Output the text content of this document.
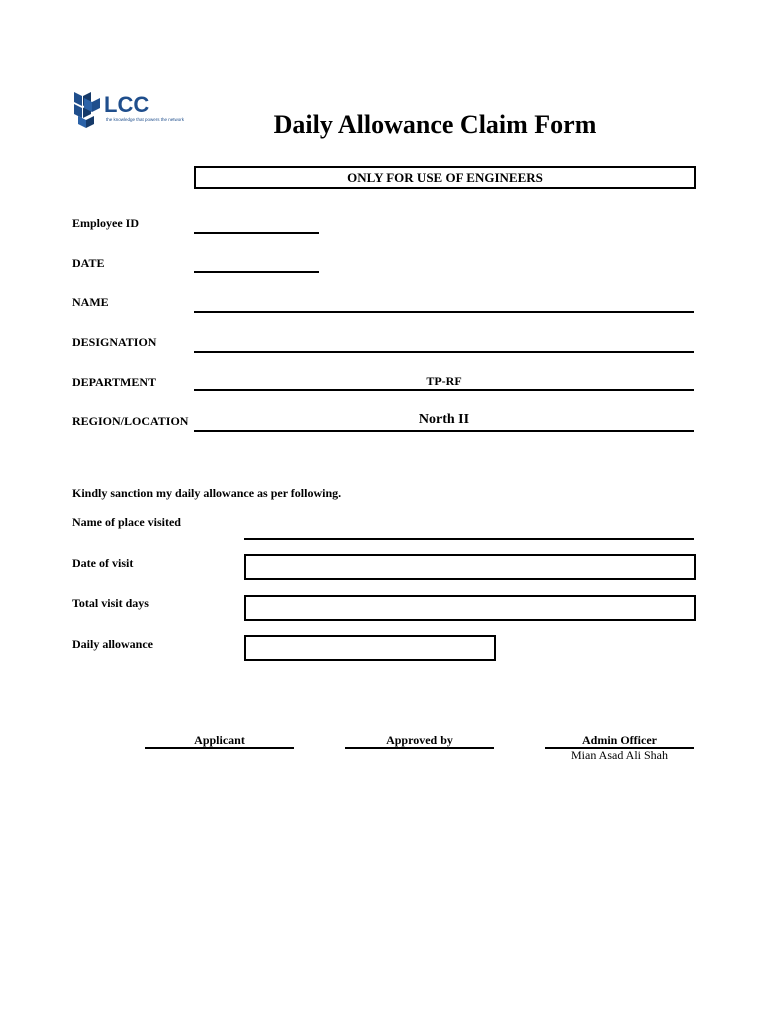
LCC
the knowledge that powers the network	Daily Allowance Claim Form
ONLY FOR USE OF ENGINEERS
Employee ID
DATE
NAME
DESIGNATION
DEPARTMENT	TP-RF
REGION/LOCATION	North II
Kindly sanction my daily allowance as per following.
Name of place visited
Date of visit
Total visit days
Daily allowance
Applicant	Approved by	Admin Officer
Mian Asad Ali Shah
